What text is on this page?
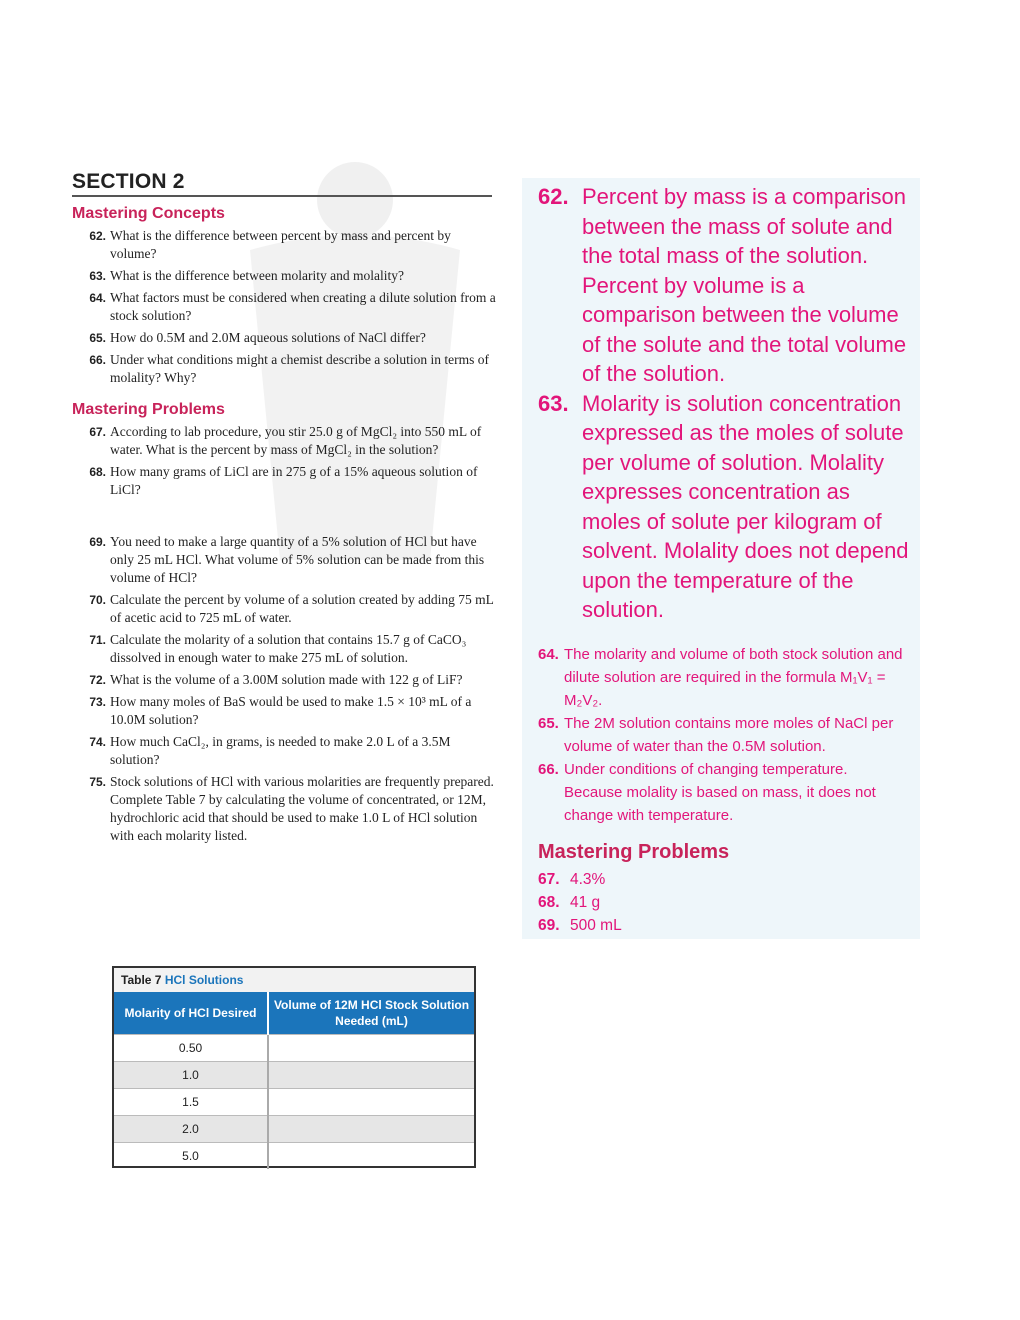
SECTION 2
Mastering Concepts
62. What is the difference between percent by mass and percent by volume?
63. What is the difference between molarity and molality?
64. What factors must be considered when creating a dilute solution from a stock solution?
65. How do 0.5M and 2.0M aqueous solutions of NaCl differ?
66. Under what conditions might a chemist describe a solution in terms of molality? Why?
Mastering Problems
67. According to lab procedure, you stir 25.0 g of MgCl₂ into 550 mL of water. What is the percent by mass of MgCl₂ in the solution?
68. How many grams of LiCl are in 275 g of a 15% aqueous solution of LiCl?
69. You need to make a large quantity of a 5% solution of HCl but have only 25 mL HCl. What volume of 5% solution can be made from this volume of HCl?
70. Calculate the percent by volume of a solution created by adding 75 mL of acetic acid to 725 mL of water.
71. Calculate the molarity of a solution that contains 15.7 g of CaCO₃ dissolved in enough water to make 275 mL of solution.
72. What is the volume of a 3.00M solution made with 122 g of LiF?
73. How many moles of BaS would be used to make 1.5 × 10³ mL of a 10.0M solution?
74. How much CaCl₂, in grams, is needed to make 2.0 L of a 3.5M solution?
75. Stock solutions of HCl with various molarities are frequently prepared. Complete Table 7 by calculating the volume of concentrated, or 12M, hydrochloric acid that should be used to make 1.0 L of HCl solution with each molarity listed.
Table 7 HCl Solutions
Molarity of HCl Desired	Volume of 12M HCl Stock Solution Needed (mL)
0.50	
1.0	
1.5	
2.0	
5.0	
62. Percent by mass is a comparison between the mass of solute and the total mass of the solution. Percent by volume is a comparison between the volume of the solute and the total volume of the solution.
63. Molarity is solution concentration expressed as the moles of solute per volume of solution. Molality expresses concentration as moles of solute per kilogram of solvent. Molality does not depend upon the temperature of the solution.
64. The molarity and volume of both stock solution and dilute solution are required in the formula M₁V₁ = M₂V₂.
65. The 2M solution contains more moles of NaCl per volume of water than the 0.5M solution.
66. Under conditions of changing temperature. Because molality is based on mass, it does not change with temperature.
Mastering Problems
67. 4.3%
68. 41 g
69. 500 mL
